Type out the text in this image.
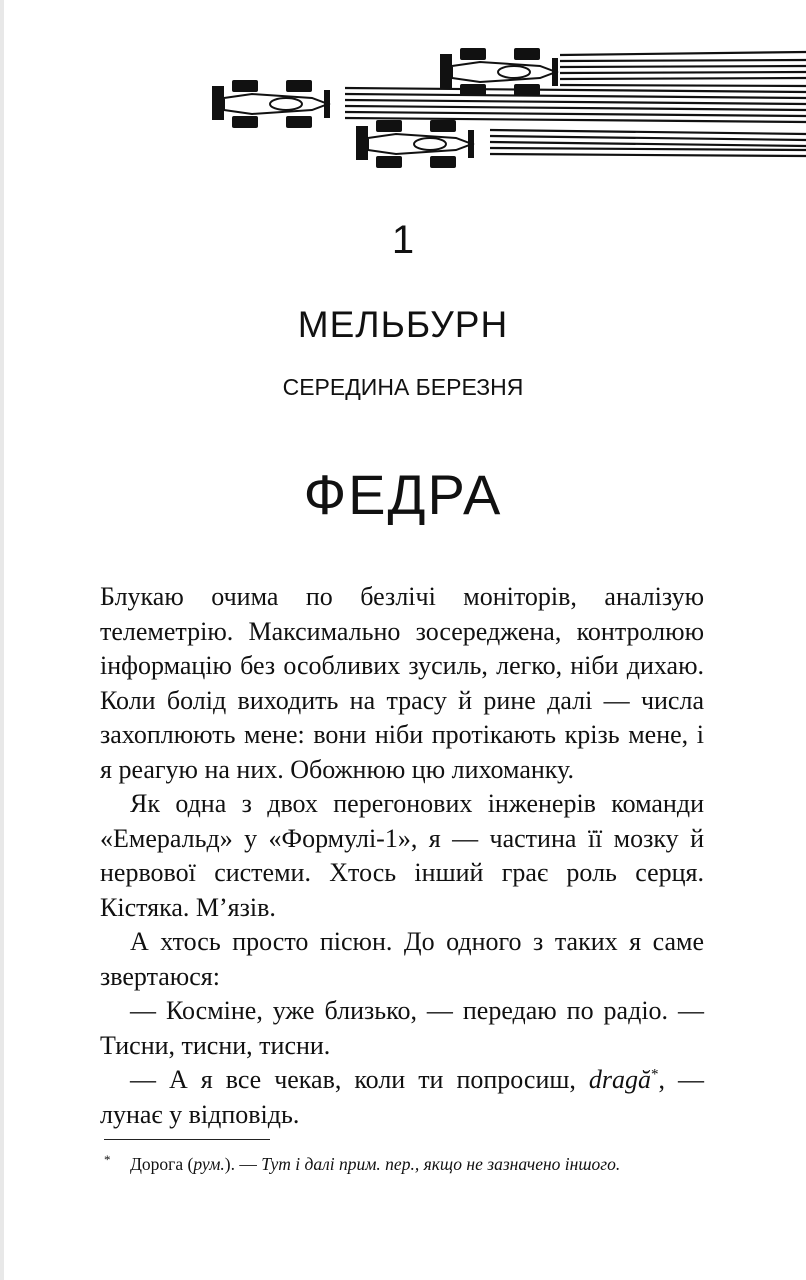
1
МЕЛЬБУРН
СЕРЕДИНА БЕРЕЗНЯ
ФЕДРА

Блукаю очима по безлічі моніторів, аналізую телеметрію. Максимально зосереджена, контролюю інформацію без особливих зусиль, легко, ніби дихаю. Коли болід виходить на трасу й рине далі — числа захоплюють мене: вони ніби протікають крізь мене, і я реагую на них. Обожнюю цю лихоманку.

Як одна з двох перегонових інженерів команди «Емеральд» у «Формулі-1», я — частина її мозку й нервової системи. Хтось інший грає роль серця. Кістяка. М’язів.

А хтось просто пісюн. До одного з таких я саме звертаюся:

— Косміне, уже близько, — передаю по радіо. — Тисни, тисни, тисни.

— А я все чекав, коли ти попросиш, dragă*, — лунає у відповідь.

* Дорога (рум.). — Тут і далі прим. пер., якщо не зазначено іншого.
